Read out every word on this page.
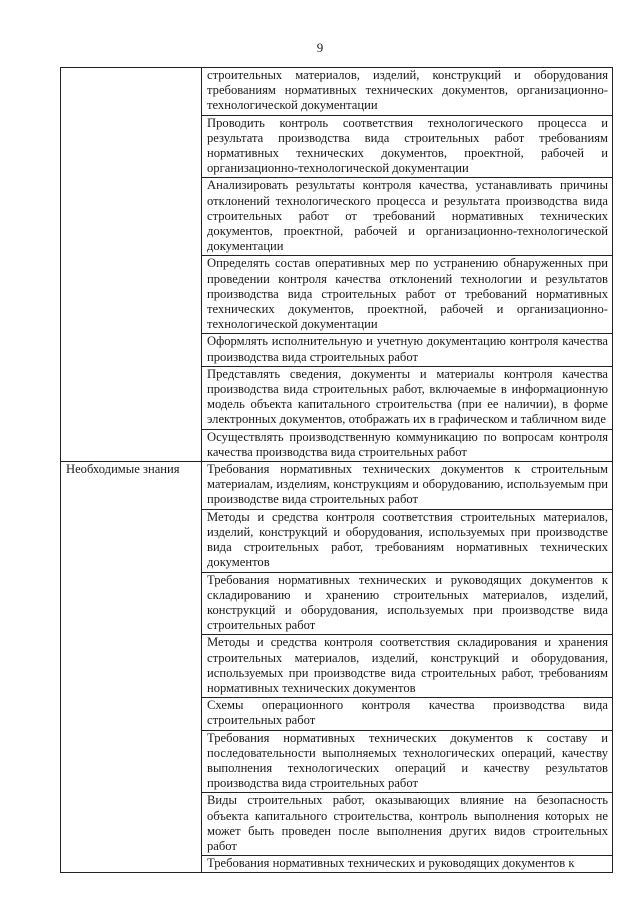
9
	строительных материалов, изделий, конструкций и оборудования требованиям нормативных технических документов, организационно-технологической документации
	Проводить контроль соответствия технологического процесса и результата производства вида строительных работ требованиям нормативных технических документов, проектной, рабочей и организационно-технологической документации
	Анализировать результаты контроля качества, устанавливать причины отклонений технологического процесса и результата производства вида строительных работ от требований нормативных технических документов, проектной, рабочей и организационно-технологической документации
	Определять состав оперативных мер по устранению обнаруженных при проведении контроля качества отклонений технологии и результатов производства вида строительных работ от требований нормативных технических документов, проектной, рабочей и организационно-технологической документации
	Оформлять исполнительную и учетную документацию контроля качества производства вида строительных работ
	Представлять сведения, документы и материалы контроля качества производства вида строительных работ, включаемые в информационную модель объекта капитального строительства (при ее наличии), в форме электронных документов, отображать их в графическом и табличном виде
	Осуществлять производственную коммуникацию по вопросам контроля качества производства вида строительных работ
Необходимые знания	Требования нормативных технических документов к строительным материалам, изделиям, конструкциям и оборудованию, используемым при производстве вида строительных работ
	Методы и средства контроля соответствия строительных материалов, изделий, конструкций и оборудования, используемых при производстве вида строительных работ, требованиям нормативных технических документов
	Требования нормативных технических и руководящих документов к складированию и хранению строительных материалов, изделий, конструкций и оборудования, используемых при производстве вида строительных работ
	Методы и средства контроля соответствия складирования и хранения строительных материалов, изделий, конструкций и оборудования, используемых при производстве вида строительных работ, требованиям нормативных технических документов
	Схемы операционного контроля качества производства вида строительных работ
	Требования нормативных технических документов к составу и последовательности выполняемых технологических операций, качеству выполнения технологических операций и качеству результатов производства вида строительных работ
	Виды строительных работ, оказывающих влияние на безопасность объекта капитального строительства, контроль выполнения которых не может быть проведен после выполнения других видов строительных работ
	Требования нормативных технических и руководящих документов к
